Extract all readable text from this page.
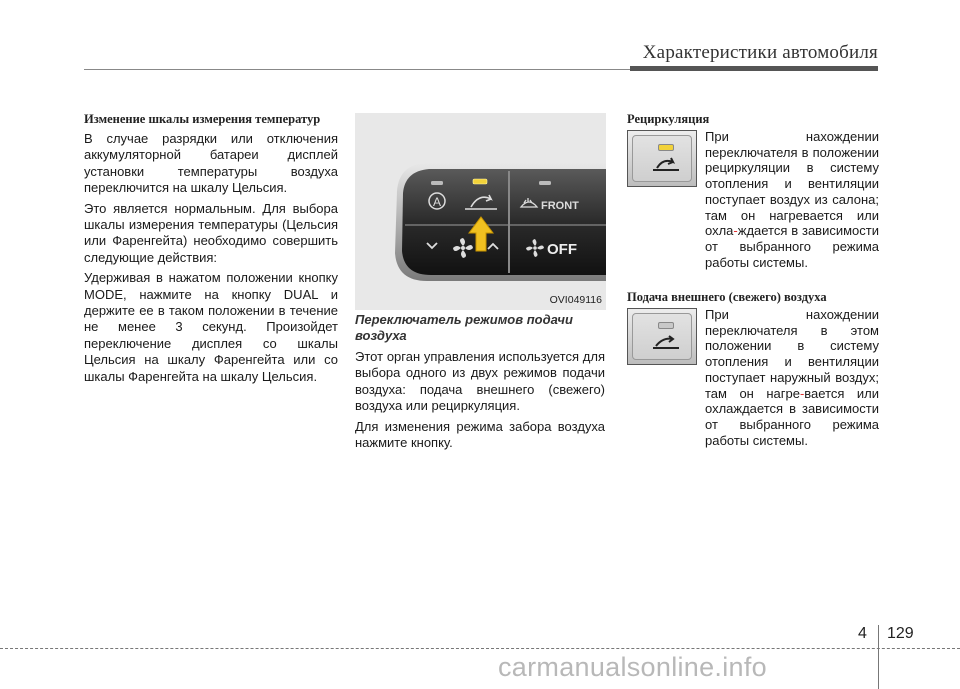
Характеристики автомобиля
Изменение шкалы измерения температур

В случае разрядки или отключения аккумуляторной батареи дисплей установки температуры воздуха переключится на шкалу Цельсия.

Это является нормальным. Для выбора шкалы измерения температуры (Цельсия или Фаренгейта) необходимо совершить следующие действия:

Удерживая в нажатом положении кнопку MODE, нажмите на кнопку DUAL и держите ее в таком положении в течение не менее 3 секунд. Произойдет переключение дисплея со шкалы Цельсия на шкалу Фаренгейта или со шкалы Фаренгейта на шкалу Цельсия.

A	FRONT
OFF
OVI049116
Переключатель режимов подачи воздуха

Этот орган управления используется для выбора одного из двух режимов подачи воздуха: подача внешнего (свежего) воздуха или рециркуляция.

Для изменения режима забора воздуха нажмите кнопку.

Рециркуляция

При нахождении переключателя в положении рециркуляции в систему отопления и вентиляции поступает воздух из салона; там он нагревается или охла-ждается в зависимости от выбранного режима работы системы.

Подача внешнего (свежего) воздуха

При нахождении переключателя в этом положении в систему отопления и вентиляции поступает наружный воздух; там он нагре-вается или охлаждается в зависимости от выбранного режима работы системы.

4 129
carmanualsonline.info
